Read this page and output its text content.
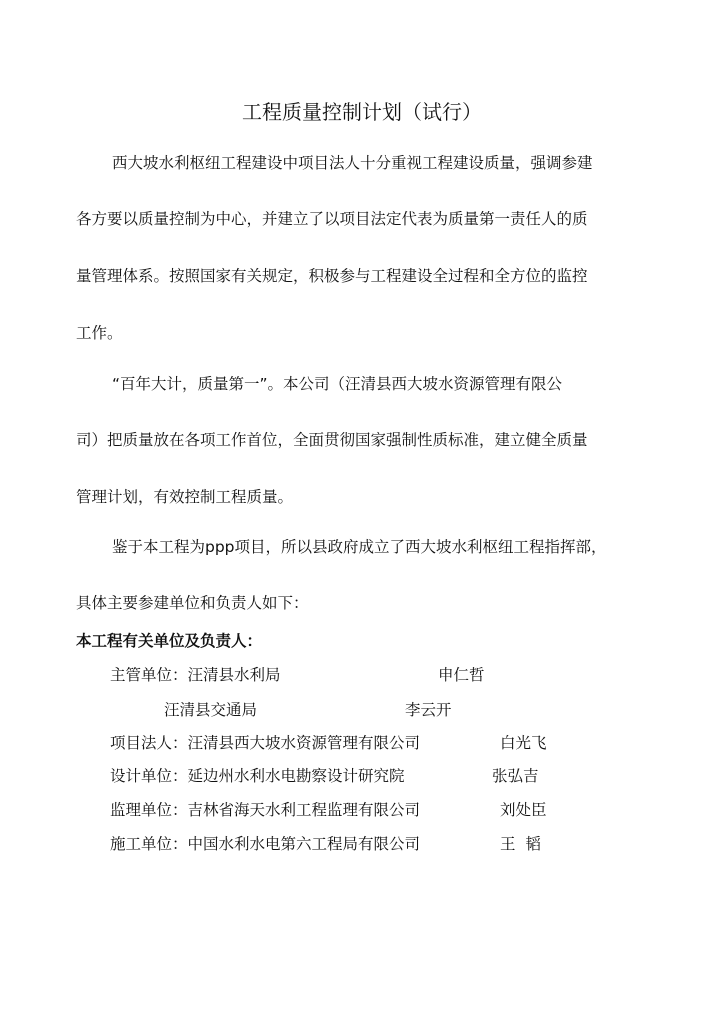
工程质量控制计划（试行）
西大坡水利枢纽工程建设中项目法人十分重视工程建设质量，强调参建
各方要以质量控制为中心，并建立了以项目法定代表为质量第一责任人的质
量管理体系。按照国家有关规定，积极参与工程建设全过程和全方位的监控
工作。
“百年大计，质量第一”。本公司（汪清县西大坡水资源管理有限公
司）把质量放在各项工作首位，全面贯彻国家强制性质标准，建立健全质量
管理计划，有效控制工程质量。
鉴于本工程为ppp项目，所以县政府成立了西大坡水利枢纽工程指挥部，
具体主要参建单位和负责人如下：
本工程有关单位及负责人：
主管单位：汪清县水利局	申仁哲
汪清县交通局	李云开
项目法人：汪清县西大坡水资源管理有限公司	白光飞
设计单位：延边州水利水电勘察设计研究院	张弘吉
监理单位：吉林省海天水利工程监理有限公司	刘处臣
施工单位：中国水利水电第六工程局有限公司	王  韬
